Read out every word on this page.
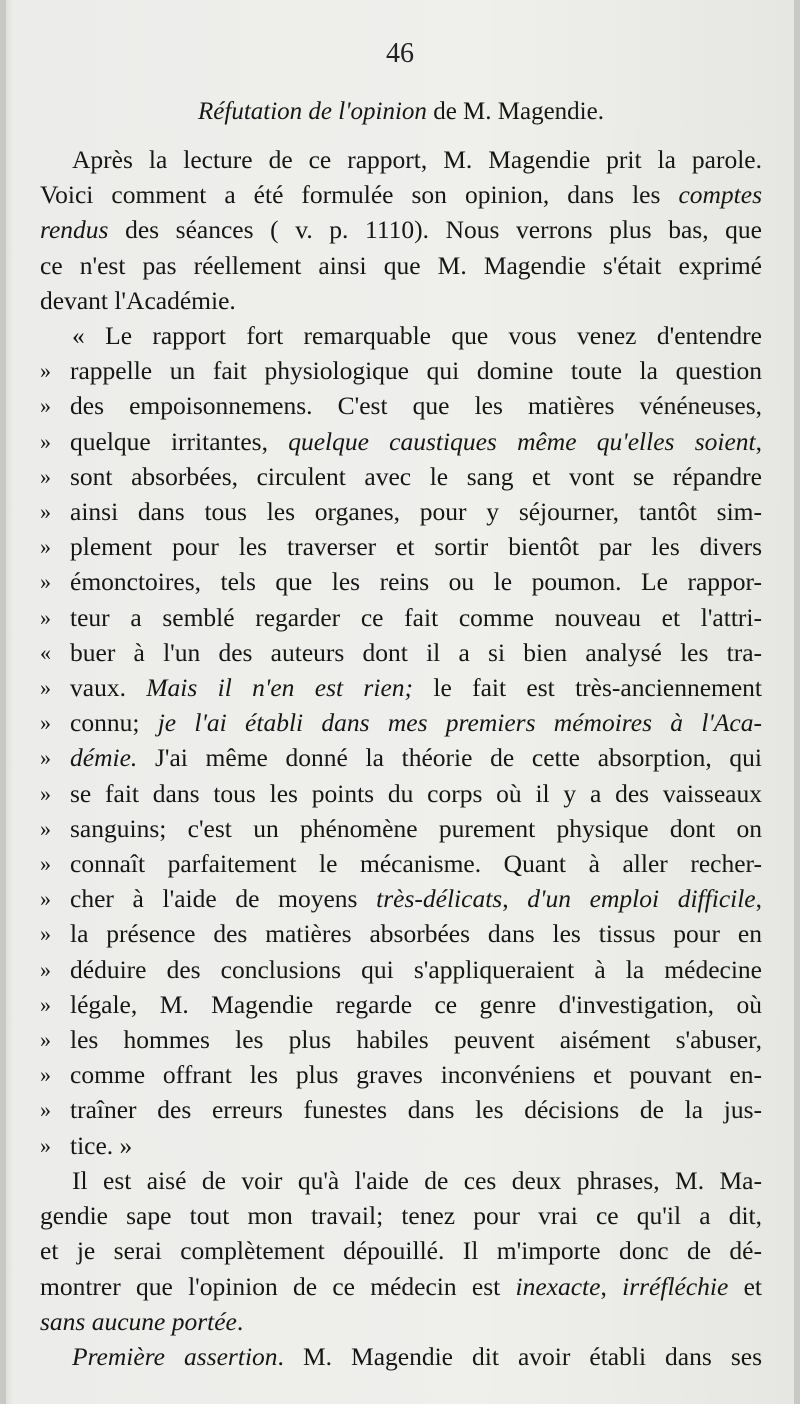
46
Réfutation de l'opinion de M. Magendie.
Après la lecture de ce rapport, M. Magendie prit la parole.
Voici comment a été formulée son opinion, dans les comptes
rendus des séances ( v. p. 1110). Nous verrons plus bas, que
ce n'est pas réellement ainsi que M. Magendie s'était exprimé
devant l'Académie.
« Le rapport fort remarquable que vous venez d'entendre
» rappelle un fait physiologique qui domine toute la question
» des empoisonnemens. C'est que les matières vénéneuses,
» quelque irritantes, quelque caustiques même qu'elles soient,
» sont absorbées, circulent avec le sang et vont se répandre
» ainsi dans tous les organes, pour y séjourner, tantôt sim-
» plement pour les traverser et sortir bientôt par les divers
» émonctoires, tels que les reins ou le poumon. Le rappor-
» teur a semblé regarder ce fait comme nouveau et l'attri-
« buer à l'un des auteurs dont il a si bien analysé les tra-
» vaux. Mais il n'en est rien; le fait est très-anciennement
» connu; je l'ai établi dans mes premiers mémoires à l'Aca-
» démie. J'ai même donné la théorie de cette absorption, qui
» se fait dans tous les points du corps où il y a des vaisseaux
» sanguins; c'est un phénomène purement physique dont on
» connaît parfaitement le mécanisme. Quant à aller recher-
» cher à l'aide de moyens très-délicats, d'un emploi difficile,
» la présence des matières absorbées dans les tissus pour en
» déduire des conclusions qui s'appliqueraient à la médecine
» légale, M. Magendie regarde ce genre d'investigation, où
» les hommes les plus habiles peuvent aisément s'abuser,
» comme offrant les plus graves inconvéniens et pouvant en-
» traîner des erreurs funestes dans les décisions de la jus-
» tice. »
Il est aisé de voir qu'à l'aide de ces deux phrases, M. Ma-
gendie sape tout mon travail; tenez pour vrai ce qu'il a dit,
et je serai complètement dépouillé. Il m'importe donc de dé-
montrer que l'opinion de ce médecin est inexacte, irréfléchie et
sans aucune portée.
Première assertion. M. Magendie dit avoir établi dans ses
